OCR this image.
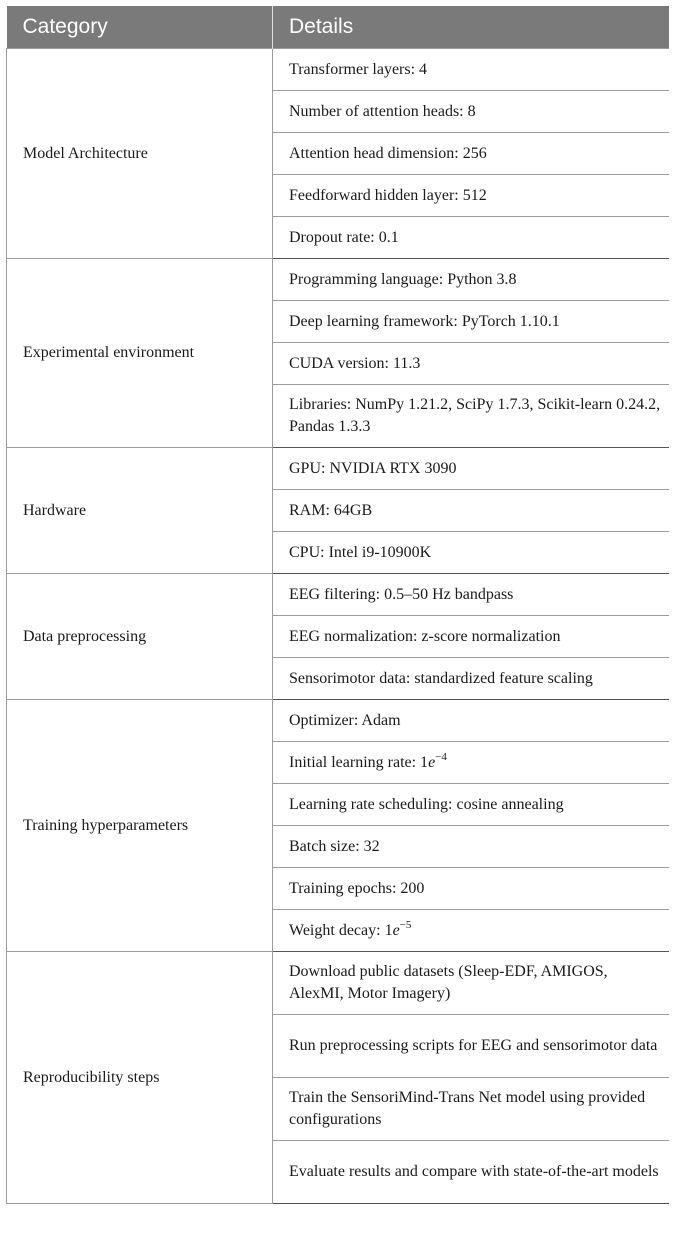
Category	Details
Model Architecture	Transformer layers: 4
	Number of attention heads: 8
	Attention head dimension: 256
	Feedforward hidden layer: 512
	Dropout rate: 0.1
Experimental environment	Programming language: Python 3.8
	Deep learning framework: PyTorch 1.10.1
	CUDA version: 11.3
	Libraries: NumPy 1.21.2, SciPy 1.7.3, Scikit-learn 0.24.2, Pandas 1.3.3
Hardware	GPU: NVIDIA RTX 3090
	RAM: 64GB
	CPU: Intel i9-10900K
Data preprocessing	EEG filtering: 0.5–50 Hz bandpass
	EEG normalization: z-score normalization
	Sensorimotor data: standardized feature scaling
Training hyperparameters	Optimizer: Adam
	Initial learning rate: $1e^{-4}$
	Learning rate scheduling: cosine annealing
	Batch size: 32
	Training epochs: 200
	Weight decay: $1e^{-5}$
Reproducibility steps	Download public datasets (Sleep-EDF, AMIGOS, AlexMI, Motor Imagery)
	Run preprocessing scripts for EEG and sensorimotor data
	Train the SensoriMind-Trans Net model using provided configurations
	Evaluate results and compare with state-of-the-art models
